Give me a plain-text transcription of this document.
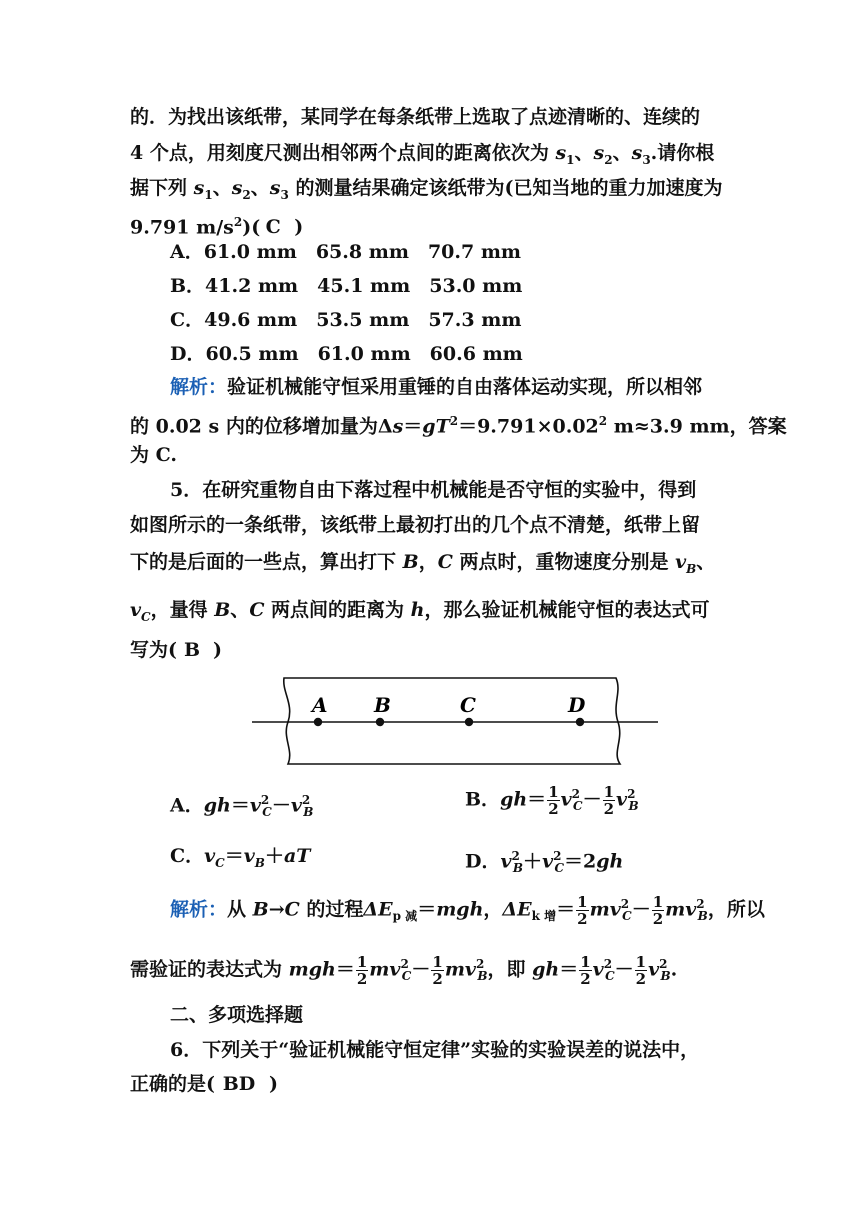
的．为找出该纸带，某同学在每条纸带上选取了点迹清晰的、连续的
4 个点，用刻度尺测出相邻两个点间的距离依次为 $s_1$、$s_2$、$s_3$.请你根
据下列 $s_1$、$s_2$、$s_3$ 的测量结果确定该纸带为(已知当地的重力加速度为
9.791 $m/s^2$)( C )
A．61.0 mm　65.8 mm　70.7 mm
B．41.2 mm　45.1 mm　53.0 mm
C．49.6 mm　53.5 mm　57.3 mm
D．60.5 mm　61.0 mm　60.6 mm
解析：验证机械能守恒采用重锤的自由落体运动实现，所以相邻
的 0.02 s 内的位移增加量为$\Delta s=gT^2=9.791\times 0.02^2$ m≈3.9 mm，答案
为 C.
5．在研究重物自由下落过程中机械能是否守恒的实验中，得到
如图所示的一条纸带，该纸带上最初打出的几个点不清楚，纸带上留
下的是后面的一些点，算出打下 B，C 两点时，重物速度分别是 $v_B$、
$v_C$，量得 B、C 两点间的距离为 h，那么验证机械能守恒的表达式可
写为( B )
A B	C	D
A．$gh=v^2_C-v^2_B$
B．$gh= \frac{1}{2} v^2_C- \frac{1}{2} v^2_B$
C．$v_C=v_B+aT$	D．$v^2_B+v^2_C=2gh$
解析：从 B→C 的过程$\Delta E_{p 减}=mgh$，$\Delta E_{k 增}= \frac{1}{2} mv^2_C- \frac{1}{2} mv^2_B$，所以
需验证的表达式为 $mgh= \frac{1}{2} mv^2_C- \frac{1}{2} mv^2_B$，即 $gh= \frac{1}{2} v^2_C- \frac{1}{2} v^2_B$.
二、多项选择题
6．下列关于“验证机械能守恒定律”实验的实验误差的说法中，
正确的是( BD )
